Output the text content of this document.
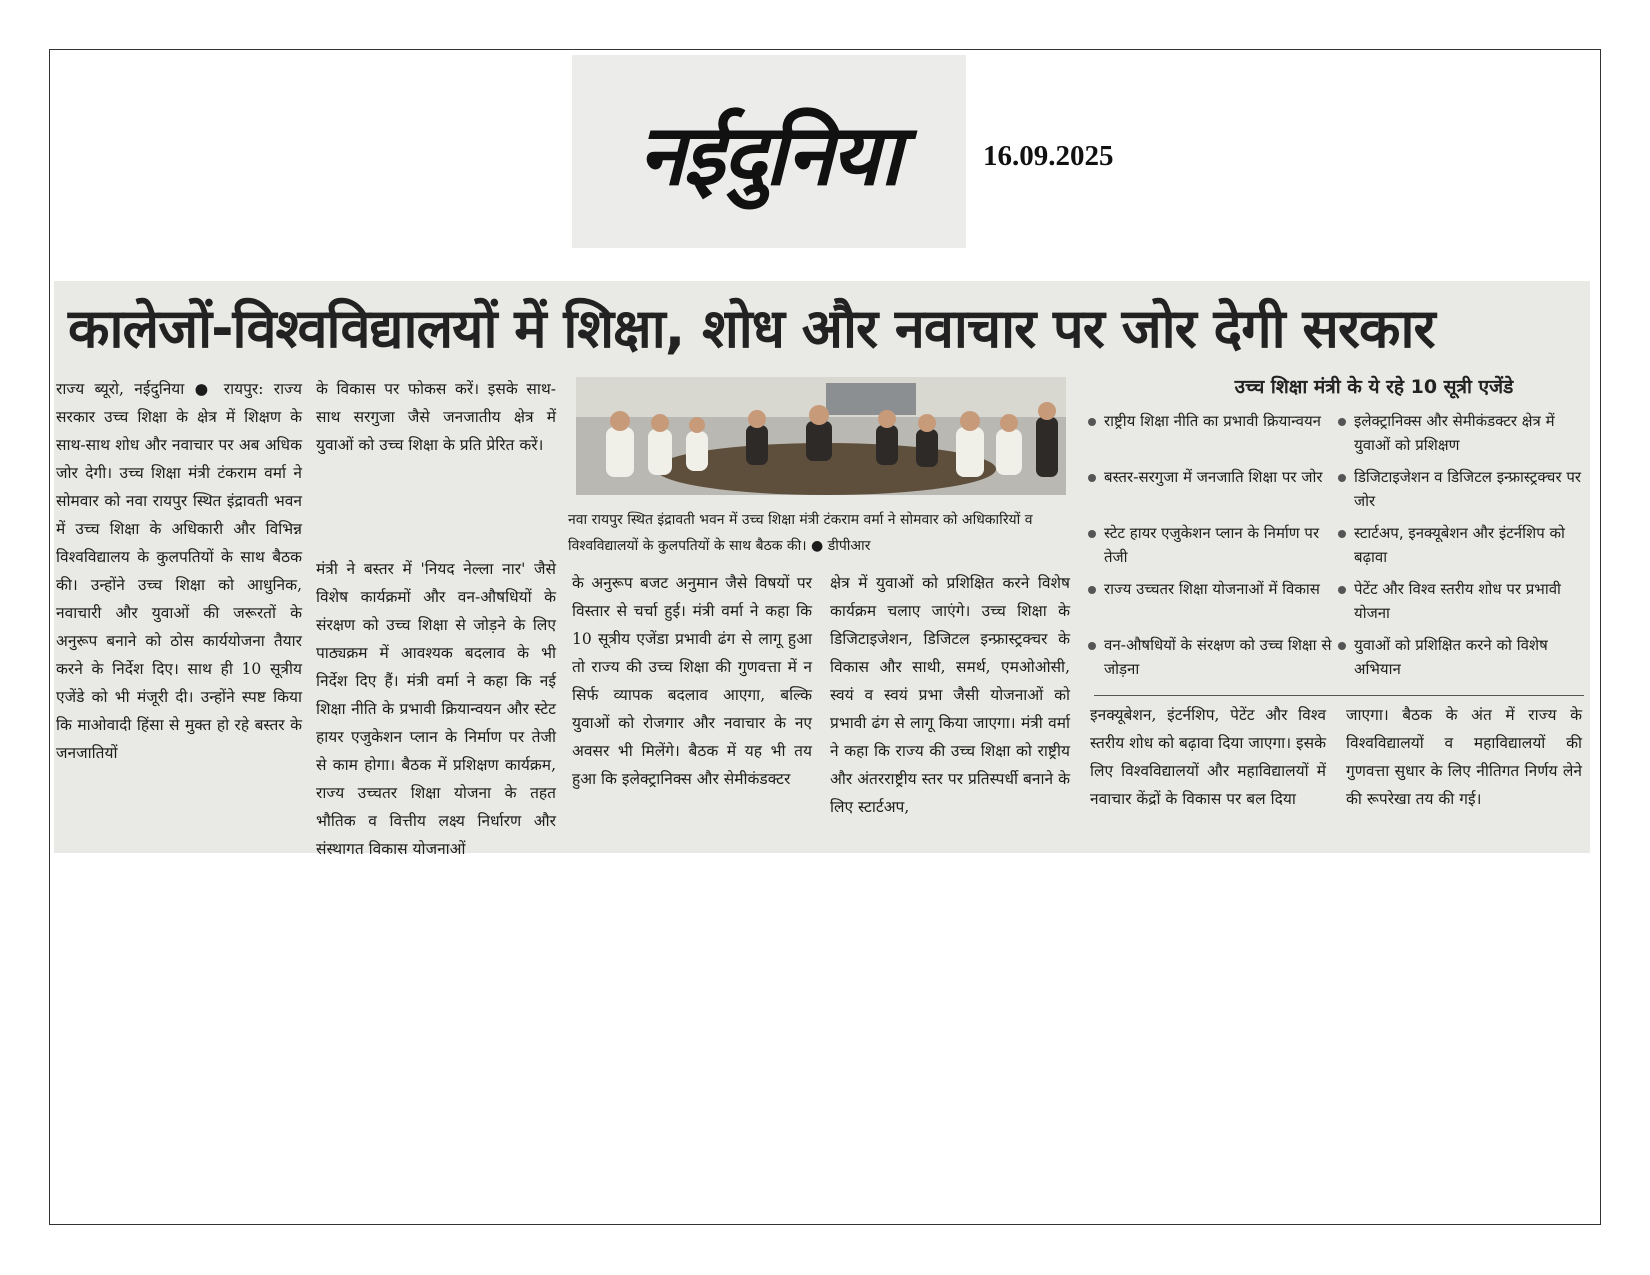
नईदुनिया	16.09.2025
कालेजों-विश्वविद्यालयों में शिक्षा, शोध और नवाचार पर जोर देगी सरकार
राज्य ब्यूरो, नईदुनिया ● रायपुर: राज्य सरकार उच्च शिक्षा के क्षेत्र में शिक्षण के साथ-साथ शोध और नवाचार पर अब अधिक जोर देगी। उच्च शिक्षा मंत्री टंकराम वर्मा ने सोमवार को नवा रायपुर स्थित इंद्रावती भवन में उच्च शिक्षा के अधिकारी और विभिन्न विश्वविद्यालय के कुलपतियों के साथ बैठक की। उन्होंने उच्च शिक्षा को आधुनिक, नवाचारी और युवाओं की जरूरतों के अनुरूप बनाने को ठोस कार्ययोजना तैयार करने के निर्देश दिए। साथ ही 10 सूत्रीय एजेंडे को भी मंजूरी दी। उन्होंने स्पष्ट किया कि माओवादी हिंसा से मुक्त हो रहे बस्तर के जनजातियों
के विकास पर फोकस करें। इसके साथ-साथ सरगुजा जैसे जनजातीय क्षेत्र में युवाओं को उच्च शिक्षा के प्रति प्रेरित करें।
मंत्री ने बस्तर में 'नियद नेल्ला नार' जैसे विशेष कार्यक्रमों और वन-औषधियों के संरक्षण को उच्च शिक्षा से जोड़ने के लिए पाठ्यक्रम में आवश्यक बदलाव के भी निर्देश दिए हैं। मंत्री वर्मा ने कहा कि नई शिक्षा नीति के प्रभावी क्रियान्वयन और स्टेट हायर एजुकेशन प्लान के निर्माण पर तेजी से काम होगा। बैठक में प्रशिक्षण कार्यक्रम, राज्य उच्चतर शिक्षा योजना के तहत भौतिक व वित्तीय लक्ष्य निर्धारण और संस्थागत विकास योजनाओं
नवा रायपुर स्थित इंद्रावती भवन में उच्च शिक्षा मंत्री टंकराम वर्मा ने सोमवार को अधिकारियों व विश्वविद्यालयों के कुलपतियों के साथ बैठक की। ● डीपीआर
के अनुरूप बजट अनुमान जैसे विषयों पर विस्तार से चर्चा हुई। मंत्री वर्मा ने कहा कि 10 सूत्रीय एजेंडा प्रभावी ढंग से लागू हुआ तो राज्य की उच्च शिक्षा की गुणवत्ता में न सिर्फ व्यापक बदलाव आएगा, बल्कि युवाओं को रोजगार और नवाचार के नए अवसर भी मिलेंगे। बैठक में यह भी तय हुआ कि इलेक्ट्रानिक्स और सेमीकंडक्टर
क्षेत्र में युवाओं को प्रशिक्षित करने विशेष कार्यक्रम चलाए जाएंगे। उच्च शिक्षा के डिजिटाइजेशन, डिजिटल इन्फ्रास्ट्रक्चर के विकास और साथी, समर्थ, एमओओसी, स्वयं व स्वयं प्रभा जैसी योजनाओं को प्रभावी ढंग से लागू किया जाएगा। मंत्री वर्मा ने कहा कि राज्य की उच्च शिक्षा को राष्ट्रीय और अंतरराष्ट्रीय स्तर पर प्रतिस्पर्धी बनाने के लिए स्टार्टअप,
उच्च शिक्षा मंत्री के ये रहे 10 सूत्री एजेंडे
राष्ट्रीय शिक्षा नीति का प्रभावी क्रियान्वयन
बस्तर-सरगुजा में जनजाति शिक्षा पर जोर
स्टेट हायर एजुकेशन प्लान के निर्माण पर तेजी
राज्य उच्चतर शिक्षा योजनाओं में विकास
वन-औषधियों के संरक्षण को उच्च शिक्षा से जोड़ना
इलेक्ट्रानिक्स और सेमीकंडक्टर क्षेत्र में युवाओं को प्रशिक्षण
डिजिटाइजेशन व डिजिटल इन्फ्रास्ट्रक्चर पर जोर
स्टार्टअप, इनक्यूबेशन और इंटर्नशिप को बढ़ावा
पेटेंट और विश्व स्तरीय शोध पर प्रभावी योजना
युवाओं को प्रशिक्षित करने को विशेष अभियान
इनक्यूबेशन, इंटर्नशिप, पेटेंट और विश्व स्तरीय शोध को बढ़ावा दिया जाएगा। इसके लिए विश्वविद्यालयों और महाविद्यालयों में नवाचार केंद्रों के विकास पर बल दिया
जाएगा। बैठक के अंत में राज्य के विश्वविद्यालयों व महाविद्यालयों की गुणवत्ता सुधार के लिए नीतिगत निर्णय लेने की रूपरेखा तय की गई।
